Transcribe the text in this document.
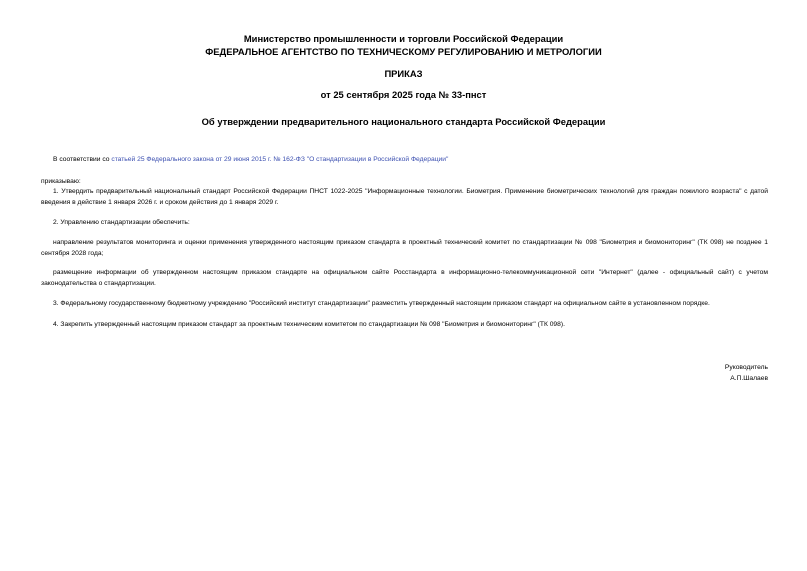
Министерство промышленности и торговли Российской Федерации

ФЕДЕРАЛЬНОЕ АГЕНТСТВО ПО ТЕХНИЧЕСКОМУ РЕГУЛИРОВАНИЮ И МЕТРОЛОГИИ

ПРИКАЗ

от 25 сентября 2025 года № 33-пнст

Об утверждении предварительного национального стандарта Российской Федерации

В соответствии со статьей 25 Федерального закона от 29 июня 2015 г. № 162-ФЗ "О стандартизации в Российской Федерации"

приказываю:

1. Утвердить предварительный национальный стандарт Российской Федерации ПНСТ 1022-2025 "Информационные технологии. Биометрия. Применение биометрических технологий для граждан пожилого возраста" с датой введения в действие 1 января 2026 г. и сроком действия до 1 января 2029 г.

2. Управлению стандартизации обеспечить:

направление результатов мониторинга и оценки применения утвержденного настоящим приказом стандарта в проектный технический комитет по стандартизации № 098 "Биометрия и биомониторинг" (ТК 098) не позднее 1 сентября 2028 года;

размещение информации об утвержденном настоящим приказом стандарте на официальном сайте Росстандарта в информационно-телекоммуникационной сети "Интернет" (далее - официальный сайт) с учетом законодательства о стандартизации.

3. Федеральному государственному бюджетному учреждению "Российский институт стандартизации" разместить утвержденный настоящим приказом стандарт на официальном сайте в установленном порядке.

4. Закрепить утвержденный настоящим приказом стандарт за проектным техническим комитетом по стандартизации № 098 "Биометрия и биомониторинг" (ТК 098).

Руководитель

А.П.Шалаев
